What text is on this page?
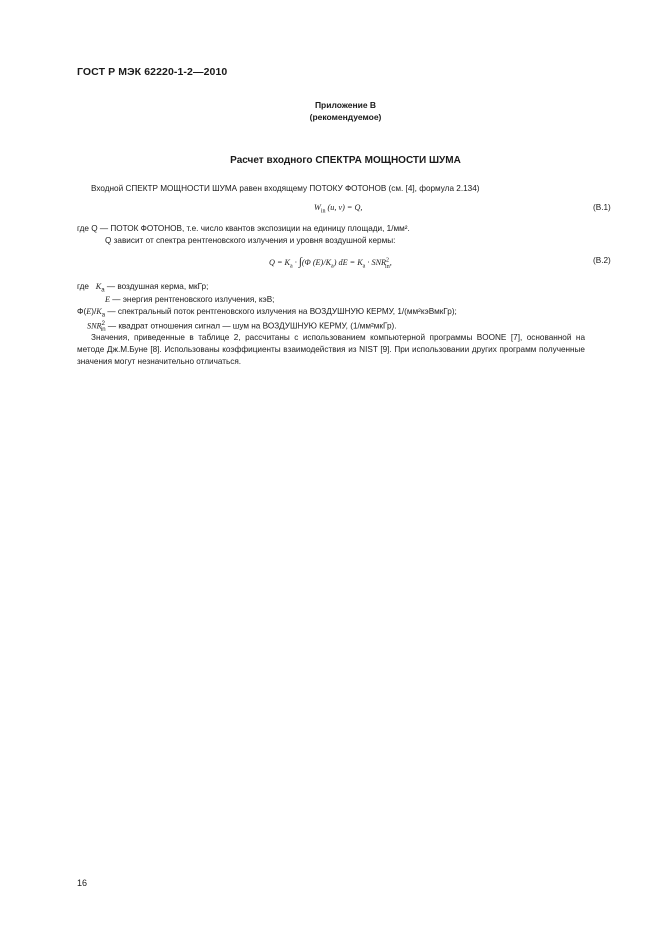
ГОСТ Р МЭК 62220-1-2—2010
Приложение В
(рекомендуемое)
Расчет входного СПЕКТРА МОЩНОСТИ ШУМА
Входной СПЕКТР МОЩНОСТИ ШУМА равен входящему ПОТОКУ ФОТОНОВ (см. [4], формула 2.134)
$W_{in}$ (u, v) = Q,	(В.1)
где Q — ПОТОК ФОТОНОВ, т.е. число квантов экспозиции на единицу площади, 1/мм².
Q зависит от спектра рентгеновского излучения и уровня воздушной кермы:
$Q = K_a \cdot \int(\Phi$ $(E)/K_a$) dE = $K_a \cdot SNR^2_{in}$,	(В.2)
где   $K_a$ — воздушная керма, мкГр;
E — энергия рентгеновского излучения, кэВ;
$\Phi(E)/K_a$ — спектральный поток рентгеновского излучения на ВОЗДУШНУЮ КЕРМУ, 1/(мм²кэВмкГр);
$SNR^2_{in}$ — квадрат отношения сигнал — шум на ВОЗДУШНУЮ КЕРМУ, (1/мм²мкГр).
Значения, приведенные в таблице 2, рассчитаны с использованием компьютерной программы BOONE [7], основанной на методе Дж.М.Буне [8]. Использованы коэффициенты взаимодействия из NIST [9]. При использовании других программ полученные значения могут незначительно отличаться.
16
